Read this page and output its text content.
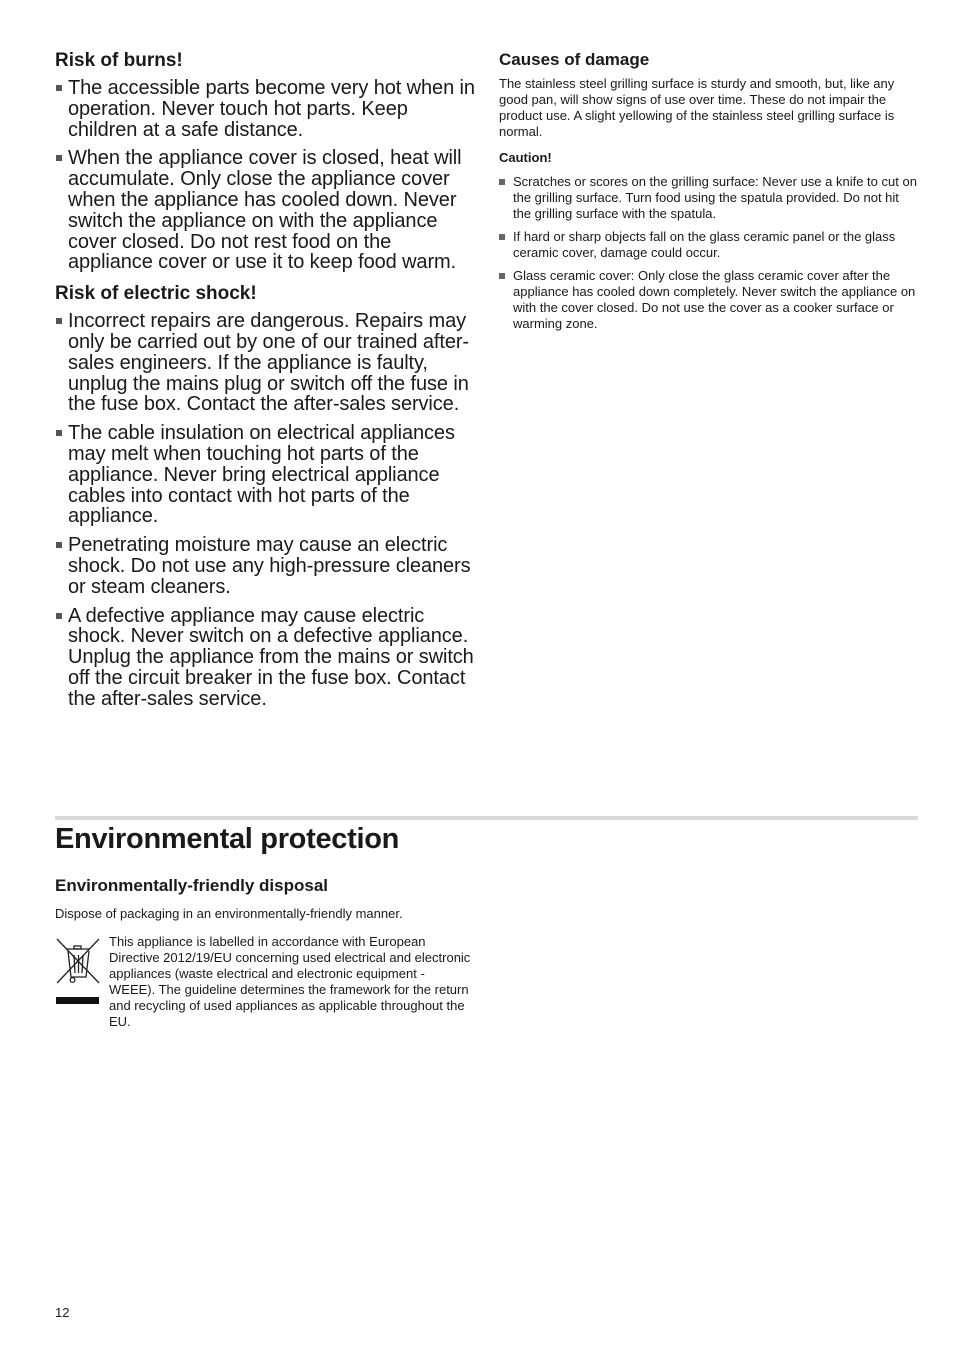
Risk of burns!
The accessible parts become very hot when in operation. Never touch hot parts. Keep children at a safe distance.
When the appliance cover is closed, heat will accumulate. Only close the appliance cover when the appliance has cooled down. Never switch the appliance on with the appliance cover closed. Do not rest food on the appliance cover or use it to keep food warm.
Risk of electric shock!
Incorrect repairs are dangerous. Repairs may only be carried out by one of our trained after-sales engineers. If the appliance is faulty, unplug the mains plug or switch off the fuse in the fuse box. Contact the after-sales service.
The cable insulation on electrical appliances may melt when touching hot parts of the appliance. Never bring electrical appliance cables into contact with hot parts of the appliance.
Penetrating moisture may cause an electric shock. Do not use any high-pressure cleaners or steam cleaners.
A defective appliance may cause electric shock. Never switch on a defective appliance. Unplug the appliance from the mains or switch off the circuit breaker in the fuse box. Contact the after-sales service.
Causes of damage

The stainless steel grilling surface is sturdy and smooth, but, like any good pan, will show signs of use over time. These do not impair the product use. A slight yellowing of the stainless steel grilling surface is normal.

Caution!
Scratches or scores on the grilling surface: Never use a knife to cut on the grilling surface. Turn food using the spatula provided. Do not hit the grilling surface with the spatula.
If hard or sharp objects fall on the glass ceramic panel or the glass ceramic cover, damage could occur.
Glass ceramic cover: Only close the glass ceramic cover after the appliance has cooled down completely. Never switch the appliance on with the cover closed. Do not use the cover as a cooker surface or warming zone.
Environmental protection
Environmentally-friendly disposal

Dispose of packaging in an environmentally-friendly manner.

This appliance is labelled in accordance with European Directive 2012/19/EU concerning used electrical and electronic appliances (waste electrical and electronic equipment - WEEE). The guideline determines the framework for the return and recycling of used appliances as applicable throughout the EU.

12
